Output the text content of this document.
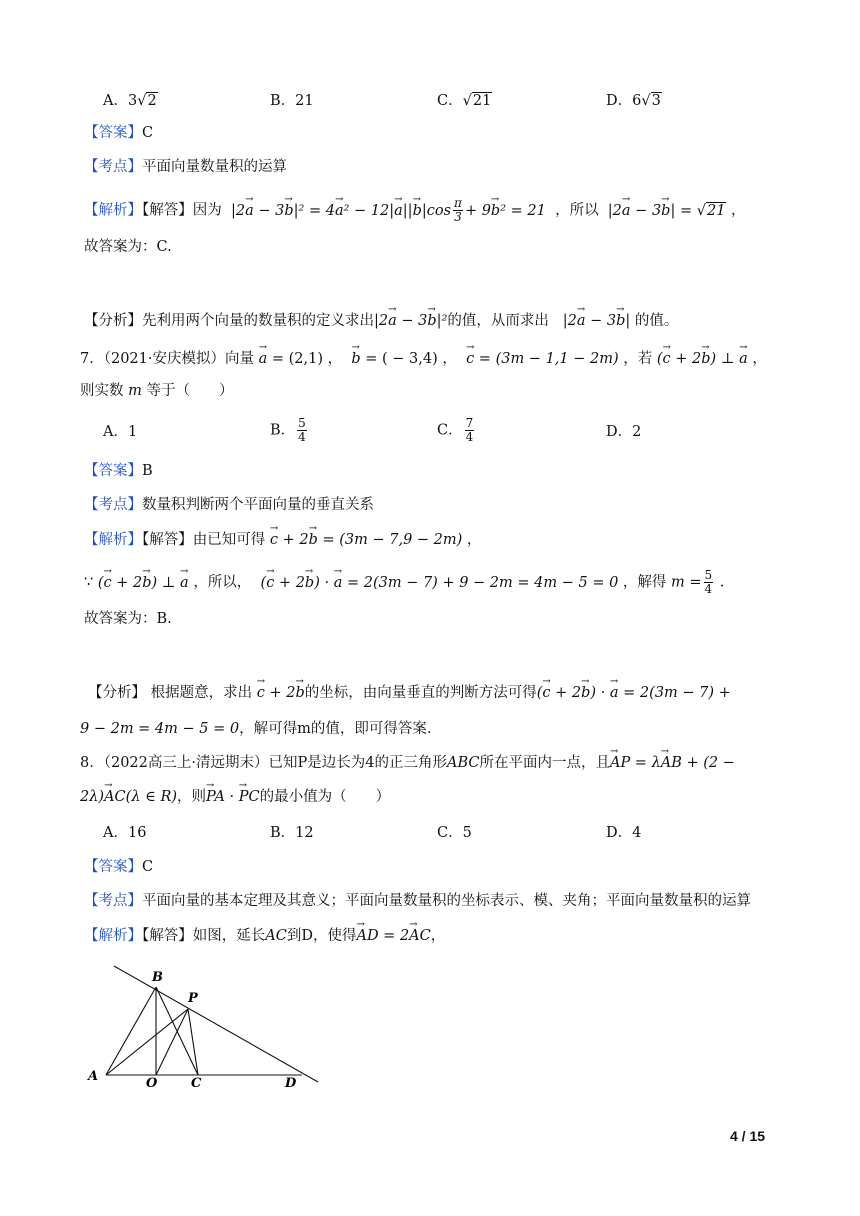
A．3√2	B．21	C．√21	D．6√3
【答案】C
【考点】平面向量数量积的运算
【解析】【解答】因为  $|2\to a - 3\to b|^2 = 4\to a^2 - 12|\to a||\to b|\cos \frac{\pi}{3} + 9\to b^2 = 21$  ，所以  |2→ a − 3→ b| = √21 ，
故答案为：C.
【分析】先利用两个向量的数量积的定义求出|2→ a − 3→ b|²的值，从而求出   |2→ a − 3→ b| 的值。
7．（2021·安庆模拟）向量 → a = (2,1) ，  → b = ( − 3,4) ，  → c = (3m − 1,1 − 2m) ，若 (→ c + 2→ b) ⊥ → a ，
则实数 m 等于（　　）
A．1	B． $\frac{5}{4}$	C． $\frac{7}{4}$	D．2
【答案】B
【考点】数量积判断两个平面向量的垂直关系
【解析】【解答】由已知可得 → c + 2→ b = (3m − 7,9 − 2m) ，
∵ (→ c + 2→ b) ⊥ → a ，所以， (→ c + 2→ b) · → a = 2(3m − 7) + 9 − 2m = 4m − 5 = 0 ，解得 $m = \frac{5}{4}$ .
故答案为：B.
【分析】 根据题意，求出 → c + 2→ b的坐标，由向量垂直的判断方法可得(→ c + 2→ b) · → a = 2(3m − 7) +
9 − 2m = 4m − 5 = 0，解可得m的值，即可得答案.
8．（2022高三上·清远期末）已知P是边长为4的正三角形ABC所在平面内一点，且→ AP = λ→ AB + (2 −
2λ)→ AC(λ ∈ R)，则→ PA · → PC的最小值为（　　）
A．16	B．12	C．5	D．4
【答案】C
【考点】平面向量的基本定理及其意义；平面向量数量积的坐标表示、模、夹角；平面向量数量积的运算
【解析】【解答】如图，延长AC到D，使得→ AD = 2→ AC，
B
P
A	O	C	D
4 / 15
